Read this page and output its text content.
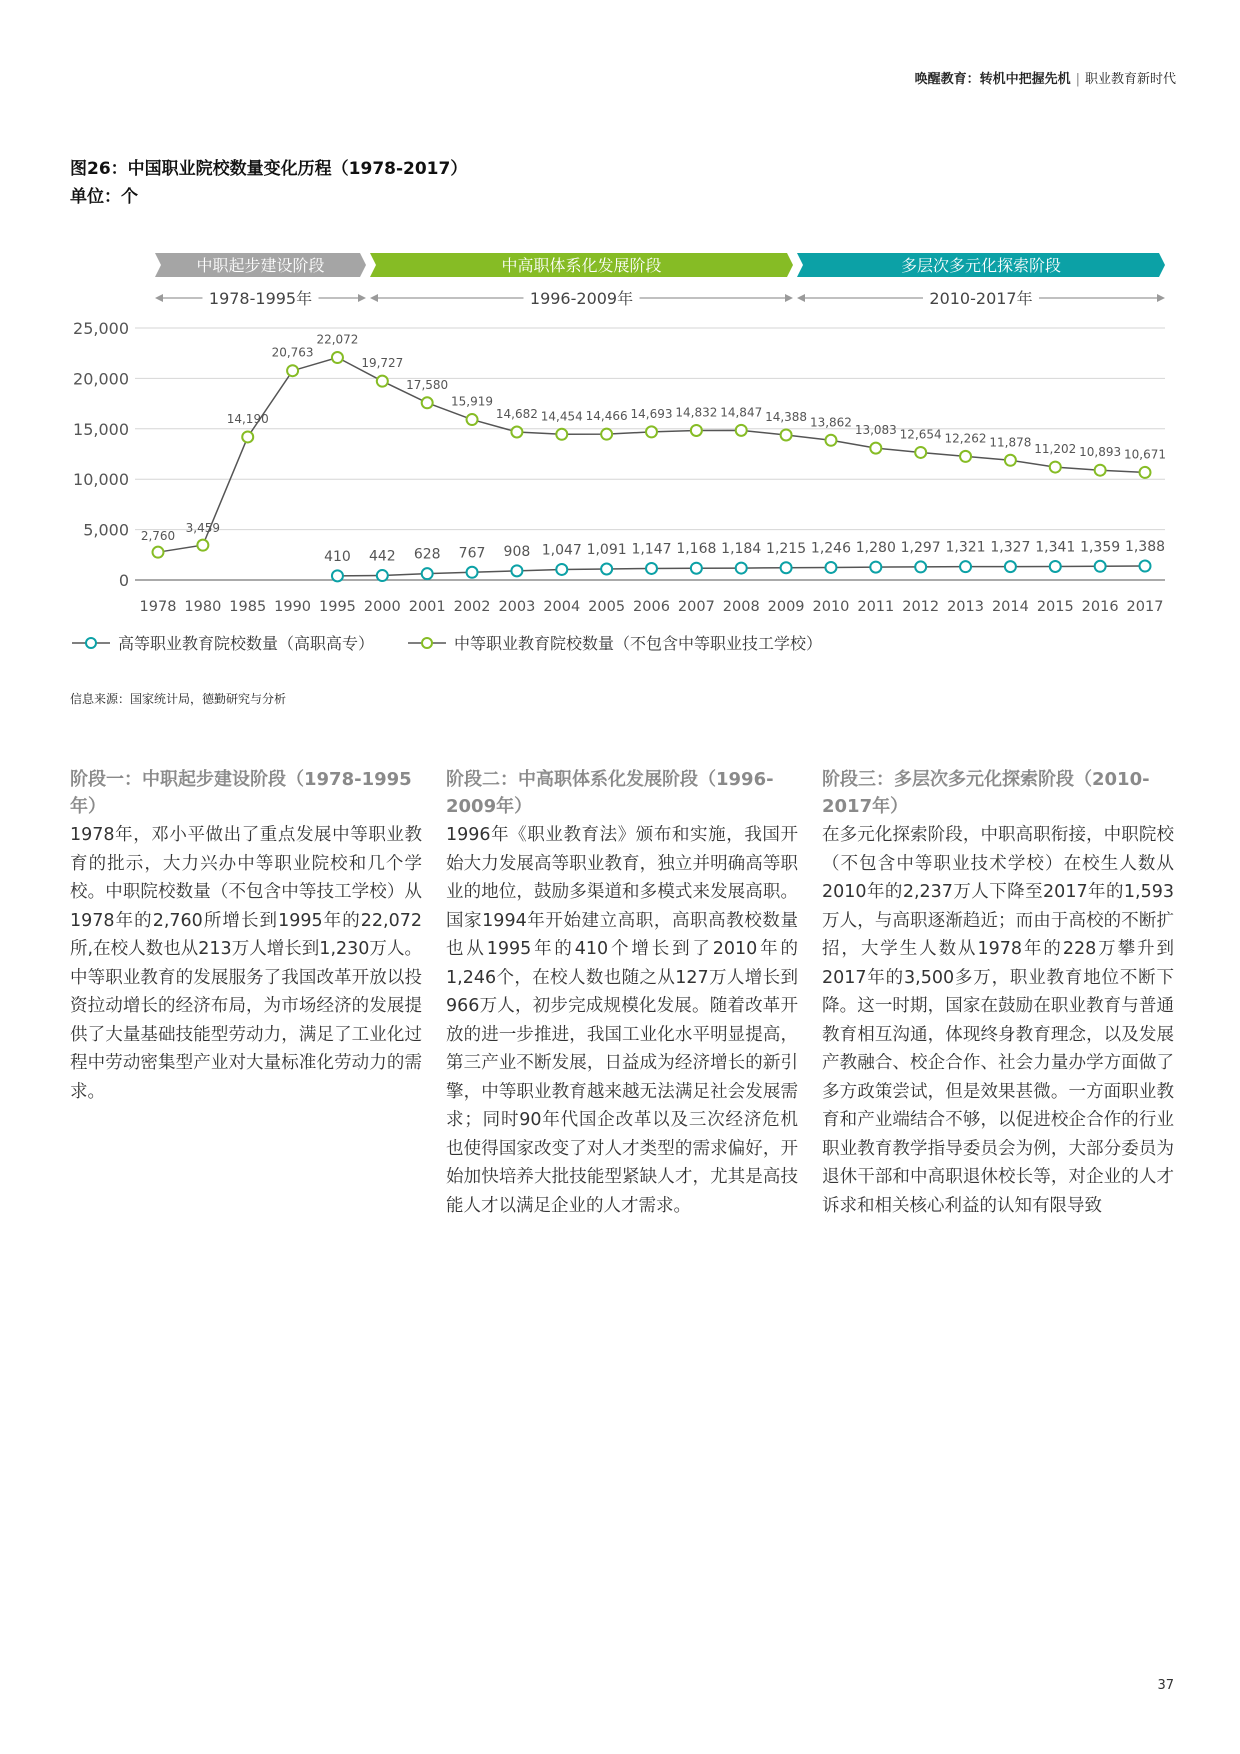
唤醒教育：转机中把握先机 | 职业教育新时代
图26：中国职业院校数量变化历程（1978-2017）
单位：个
中职起步建设阶段
1978-1995年
中高职体系化发展阶段
1996-2009年
多层次多元化探索阶段
2010-2017年
0
5,000
10,000
15,000
20,000
25,000
1978 1980 1985 1990 1995 2000 2001 2002 2003 2004 2005 2006 2007 2008 2009 2010 2011 2012 2013 2014 2015 2016 2017
410 442 628 767 908 1,047 1,091 1,147 1,168 1,184 1,215 1,246 1,280 1,297 1,321 1,327 1,341 1,359 1,388
2,760
3,459
14,190
20,763
22,072
19,727
17,580
15,919
14,682 14,454 14,466 14,693 14,832 14,847 14,388 13,862
13,083 12,654 12,262 11,878 11,202 10,893 10,671
高等职业教育院校数量（高职高专）	中等职业教育院校数量（不包含中等职业技工学校）
信息来源：国家统计局，德勤研究与分析
阶段一：中职起步建设阶段（1978-1995年）
1978年，邓小平做出了重点发展中等职业教育的批示，大力兴办中等职业院校和几个学校。中职院校数量（不包含中等技工学校）从1978年的2,760所增长到1995年的22,072所,在校人数也从213万人增长到1,230万人。中等职业教育的发展服务了我国改革开放以投资拉动增长的经济布局，为市场经济的发展提供了大量基础技能型劳动力，满足了工业化过程中劳动密集型产业对大量标准化劳动力的需求。
阶段二：中高职体系化发展阶段（1996-2009年）
1996年《职业教育法》颁布和实施，我国开始大力发展高等职业教育，独立并明确高等职业的地位，鼓励多渠道和多模式来发展高职。国家1994年开始建立高职，高职高教校数量也从1995年的410个增长到了2010年的1,246个，在校人数也随之从127万人增长到966万人，初步完成规模化发展。随着改革开放的进一步推进，我国工业化水平明显提高，第三产业不断发展，日益成为经济增长的新引擎，中等职业教育越来越无法满足社会发展需求；同时90年代国企改革以及三次经济危机也使得国家改变了对人才类型的需求偏好，开始加快培养大批技能型紧缺人才，尤其是高技能人才以满足企业的人才需求。
阶段三：多层次多元化探索阶段（2010-2017年）
在多元化探索阶段，中职高职衔接，中职院校（不包含中等职业技术学校）在校生人数从2010年的2,237万人下降至2017年的1,593万人，与高职逐渐趋近；而由于高校的不断扩招，大学生人数从1978年的228万攀升到2017年的3,500多万，职业教育地位不断下降。这一时期，国家在鼓励在职业教育与普通教育相互沟通，体现终身教育理念，以及发展产教融合、校企合作、社会力量办学方面做了多方政策尝试，但是效果甚微。一方面职业教育和产业端结合不够，以促进校企合作的行业职业教育教学指导委员会为例，大部分委员为退休干部和中高职退休校长等，对企业的人才诉求和相关核心利益的认知有限导致
37
